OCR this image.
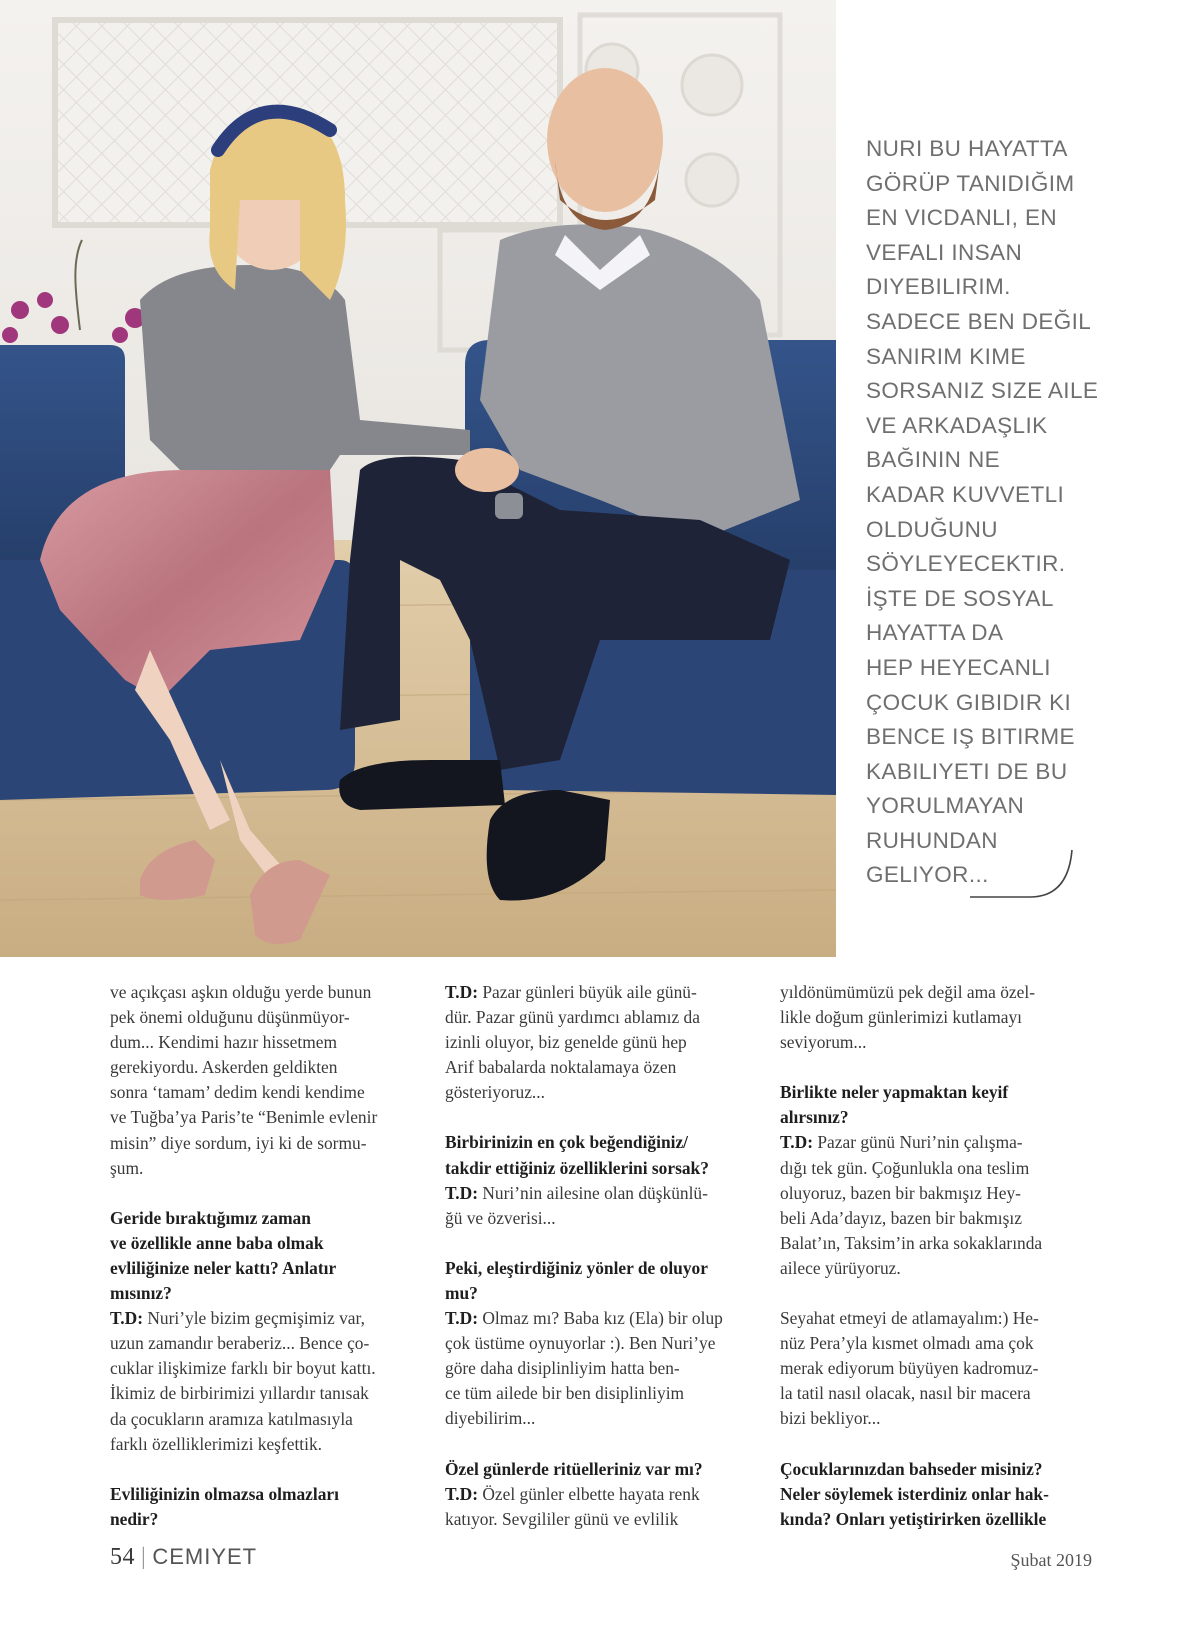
NURI BU HAYATTA
GÖRÜP TANIDIĞIM
EN VICDANLI, EN
VEFALI INSAN
DIYEBILIRIM.
SADECE BEN DEĞIL
SANIRIM KIME
SORSANIZ SIZE AILE
VE ARKADAŞLIK
BAĞININ NE
KADAR KUVVETLI
OLDUĞUNU
SÖYLEYECEKTIR.
İŞTE DE SOSYAL
HAYATTA DA
HEP HEYECANLI
ÇOCUK GIBIDIR KI
BENCE IŞ BITIRME
KABILIYETI DE BU
YORULMAYAN
RUHUNDAN
GELIYOR...
ve açıkçası aşkın olduğu yerde bunun
pek önemi olduğunu düşünmüyor-
dum... Kendimi hazır hissetmem
gerekiyordu. Askerden geldikten
sonra ‘tamam’ dedim kendi kendime
ve Tuğba’ya Paris’te “Benimle evlenir
misin” diye sordum, iyi ki de sormu-
şum.
Geride bıraktığımız zaman
ve özellikle anne baba olmak
evliliğinize neler kattı? Anlatır
mısınız?
T.D: Nuri’yle bizim geçmişimiz var,
uzun zamandır beraberiz... Bence ço-
cuklar ilişkimize farklı bir boyut kattı.
İkimiz de birbirimizi yıllardır tanısak
da çocukların aramıza katılmasıyla
farklı özelliklerimizi keşfettik.
Evliliğinizin olmazsa olmazları
nedir?
T.D: Pazar günleri büyük aile günü-
dür. Pazar günü yardımcı ablamız da
izinli oluyor, biz genelde günü hep
Arif babalarda noktalamaya özen
gösteriyoruz...
Birbirinizin en çok beğendiğiniz/
takdir ettiğiniz özelliklerini sorsak?
T.D: Nuri’nin ailesine olan düşkünlü-
ğü ve özverisi...
Peki, eleştirdiğiniz yönler de oluyor
mu?
T.D: Olmaz mı? Baba kız (Ela) bir olup
çok üstüme oynuyorlar :). Ben Nuri’ye
göre daha disiplinliyim hatta ben-
ce tüm ailede bir ben disiplinliyim
diyebilirim...
Özel günlerde ritüelleriniz var mı?
T.D: Özel günler elbette hayata renk
katıyor. Sevgililer günü ve evlilik
yıldönümümüzü pek değil ama özel-
likle doğum günlerimizi kutlamayı
seviyorum...
Birlikte neler yapmaktan keyif
alırsınız?
T.D: Pazar günü Nuri’nin çalışma-
dığı tek gün. Çoğunlukla ona teslim
oluyoruz, bazen bir bakmışız Hey-
beli Ada’dayız, bazen bir bakmışız
Balat’ın, Taksim’in arka sokaklarında
ailece yürüyoruz.
Seyahat etmeyi de atlamayalım:) He-
nüz Pera’yla kısmet olmadı ama çok
merak ediyorum büyüyen kadromuz-
la tatil nasıl olacak, nasıl bir macera
bizi bekliyor...
Çocuklarınızdan bahseder misiniz?
Neler söylemek isterdiniz onlar hak-
kında? Onları yetiştirirken özellikle
54 | CEMIYET	Şubat 2019
